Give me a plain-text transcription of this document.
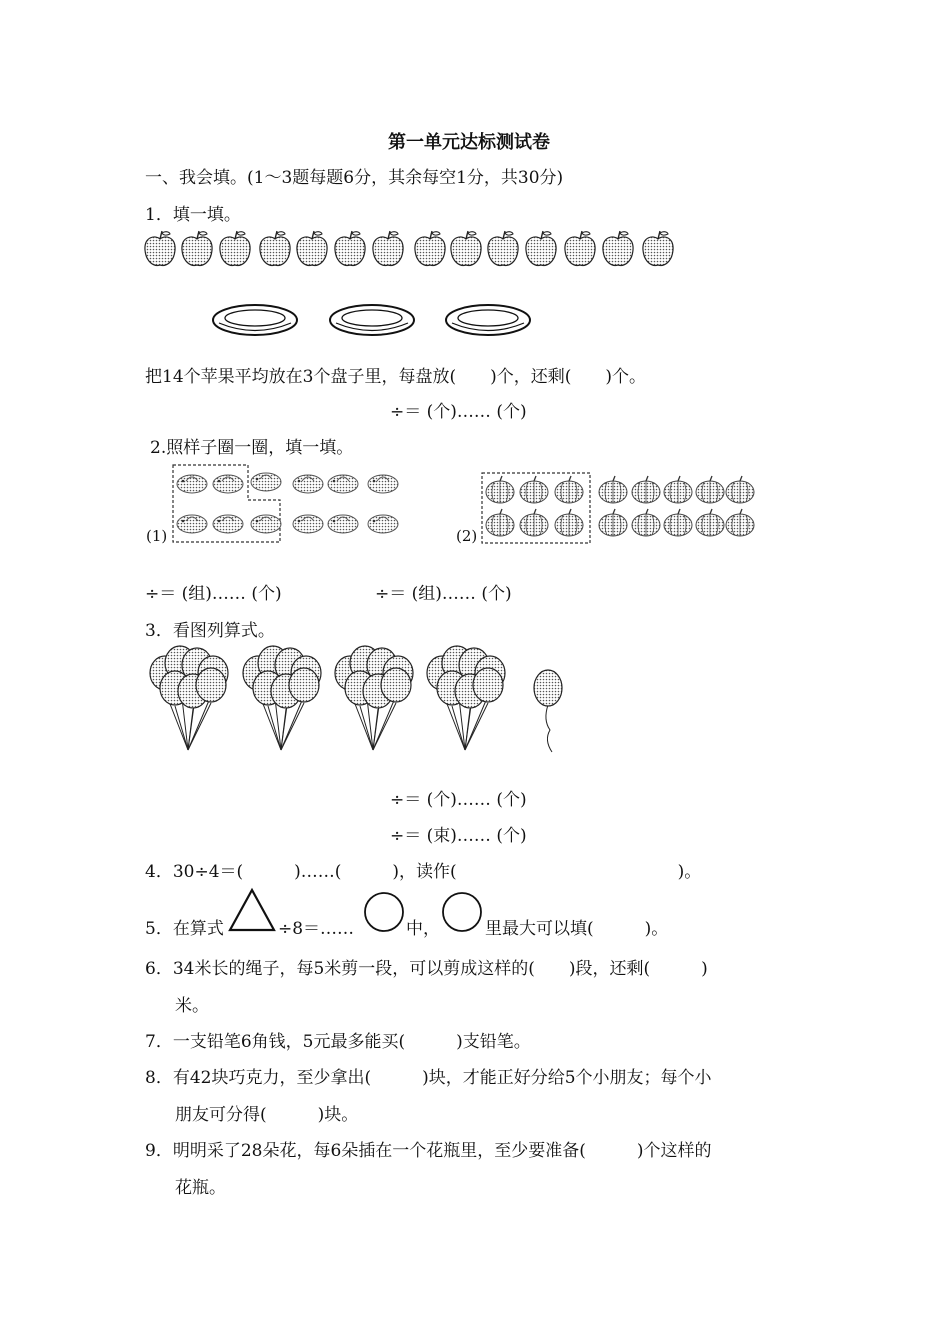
第一单元达标测试卷
一、我会填。(1～3题每题6分，其余每空1分，共30分)
1．填一填。
把14个苹果平均放在3个盘子里，每盘放(　　)个，还剩(　　)个。
÷＝ (个)…… (个)
2.照样子圈一圈，填一填。
(1)	(2)
÷＝ (组)…… (个)	÷＝ (组)…… (个)
3．看图列算式。
÷＝ (个)…… (个)
÷＝ (束)…… (个)
4．30÷4＝(　　　)……(　　　)，读作(　　　　　　　　　　　　　)。
5．在算式	÷8＝……	中，	里最大可以填(　　　)。
6．34米长的绳子，每5米剪一段，可以剪成这样的(　　)段，还剩(　　　)
米。
7．一支铅笔6角钱，5元最多能买(　　　)支铅笔。
8．有42块巧克力，至少拿出(　　　)块，才能正好分给5个小朋友；每个小
朋友可分得(　　　)块。
9．明明采了28朵花，每6朵插在一个花瓶里，至少要准备(　　　)个这样的
花瓶。
